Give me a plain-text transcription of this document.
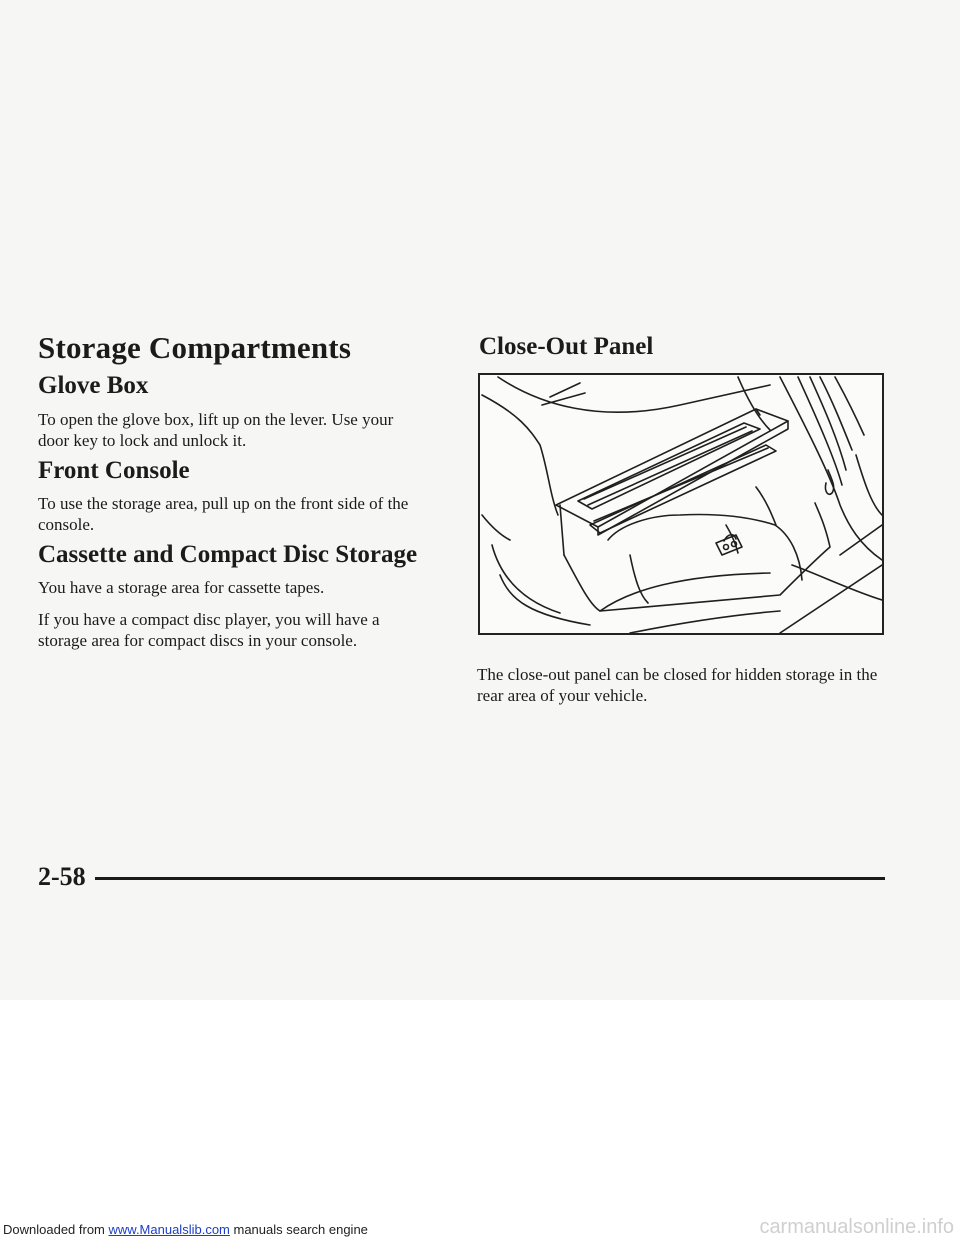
Storage Compartments
Glove Box

To open the glove box, lift up on the lever. Use your door key to lock and unlock it.

Front Console

To use the storage area, pull up on the front side of the console.

Cassette and Compact Disc Storage

You have a storage area for cassette tapes.

If you have a compact disc player, you will have a storage area for compact discs in your console.

Close-Out Panel

The close-out panel can be closed for hidden storage in the rear area of your vehicle.

2-58

Downloaded from www.Manualslib.com manuals search engine	carmanualsonline.info
